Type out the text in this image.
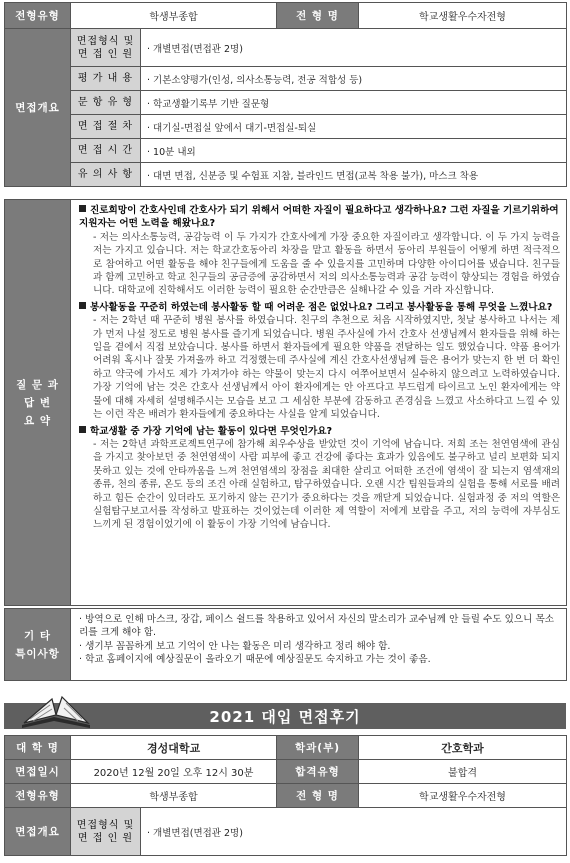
전형유형	학생부종합		전 형 명	학교생활우수자전형
면접개요	면접형식 및
면 접 인 원	· 개별면접(면접관 2명)		
	평 가 내 용	· 기본소양평가(인성, 의사소통능력, 전공 적합성 등)		
	문 항 유 형	· 학교생활기록부 기반 질문형		
	면 접 절 차	· 대기실-면접실 앞에서 대기-면접실-퇴실		
	면 접 시 간	· 10분 내외		
	유 의 사 항	· 대면 면접, 신분증 및 수험표 지참, 블라인드 면접(교복 착용 불가), 마스크 착용		
질 문 과
답 변
요 약	

진로희망이 간호사인데 간호사가 되기 위해서 어떠한 자질이 필요하다고 생각하나요? 그런 자질을 기르기위하여 지원자는 어떤 노력을 해왔나요?

- 저는 의사소통능력, 공감능력 이 두 가지가 간호사에게 가장 중요한 자질이라고 생각합니다. 이 두 가지 능력을 저는 가지고 있습니다. 저는 학교간호동아리 차장을 맡고 활동을 하면서 동아리 부원들이 어떻게 하면 적극적으로 참여하고 어떤 활동을 해야 친구들에게 도움을 줄 수 있을지를 고민하며 다양한 아이디어를 냈습니다. 친구들과 함께 고민하고 학교 친구들의 공금증에 공감하면서 저의 의사소통능력과 공감 능력이 향상되는 경험을 하였습니다. 대학교에 진학해서도 이러한 능력이 필요한 순간만큼은 실해나갈 수 있을 거라 자신합니다.

봉사활동을 꾸준히 하였는데 봉사활동 할 때 어려운 점은 없었나요? 그리고 봉사활동을 통해 무엇을 느꼈나요?

- 저는 2학년 때 꾸준히 병원 봉사를 하였습니다. 친구의 추천으로 처음 시작하였지만, 첫날 봉사하고 나서는 제가 먼저 나설 정도로 병원 봉사를 즐기게 되었습니다. 병원 주사실에 가서 간호사 선생님께서 환자들을 위해 하는 일을 곁에서 직접 보았습니다. 봉사를 하면서 환자들에게 필요한 약품을 전달하는 일도 했었습니다. 약품 용어가 어려워 혹시나 잘못 가져올까 하고 걱정했는데 주사실에 계신 간호사선생님께 들은 용어가 맞는지 한 번 더 확인하고 약국에 가서도 제가 가져가야 하는 약물이 맞는지 다시 여쭈어보면서 실수하지 않으려고 노력하였습니다. 가장 기억에 남는 것은 간호사 선생님께서 아이 환자에게는 안 아프다고 부드럽게 타이르고 노인 환자에게는 약물에 대해 자세히 설명해주시는 모습을 보고 그 세심한 부분에 감동하고 존경심을 느꼈고 사소하다고 느낄 수 있는 이런 작은 배려가 환자들에게 중요하다는 사실을 알게 되었습니다.

학교생활 중 가장 기억에 남는 활동이 있다면 무엇인가요?

- 저는 2학년 과학프로젝트연구에 참가해 최우수상을 받았던 것이 기억에 남습니다. 저희 조는 천연염색에 관심을 가지고 찾아보던 중 천연염색이 사람 피부에 좋고 건강에 좋다는 효과가 있음에도 불구하고 널리 보편화 되지 못하고 있는 것에 안타까움을 느껴 천연염색의 장점을 최대한 살리고 어떠한 조건에 염색이 잘 되는지 염색재의 종류, 천의 종류, 온도 등의 조건 아래 실험하고, 탐구하였습니다. 오랜 시간 팀원들과의 실험을 통해 서로를 배려하고 힘든 순간이 있더라도 포기하지 않는 끈기가 중요하다는 것을 깨닫게 되었습니다. 실험과정 중 저의 역할은 실험탐구보고서를 작성하고 발표하는 것이었는데 이러한 제 역할이 저에게 보람을 주고, 저의 능력에 자부심도 느끼게 된 경험이었기에 이 활동이 가장 기억에 남습니다.

기 타
특이사항	

· 방역으로 인해 마스크, 장갑, 페이스 쉴드를 착용하고 있어서 자신의 말소리가 교수님께 안 들릴 수도 있으니 목소리를 크게 해야 함.

· 생기부 꼼꼼하게 보고 기억이 안 나는 활동은 미리 생각하고 정리 해야 함.

· 학교 홈페이지에 예상질문이 올라오기 때문에 예상질문도 숙지하고 가는 것이 좋음.

2021 대입 면접후기
대 학 명	경성대학교		학과(부)	간호학과
면접일시	2020년 12월 20일 오후 12시 30분		합격유형	불합격
전형유형	학생부종합		전 형 명	학교생활우수자전형
면접개요	면접형식 및
면 접 인 원	· 개별면접(면접관 2명)		
